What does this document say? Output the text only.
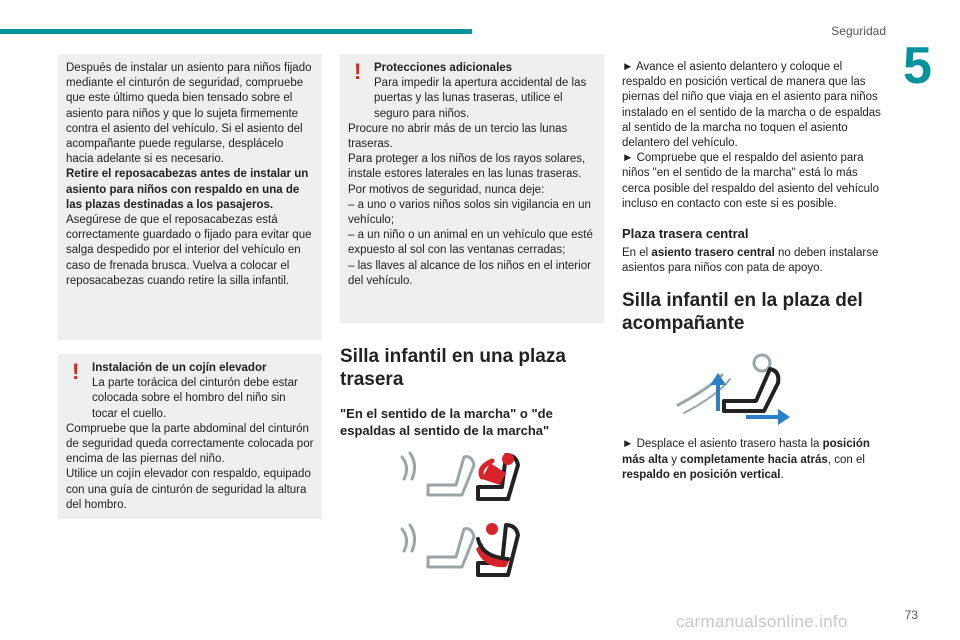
Seguridad
5

Después de instalar un asiento para niños fijado mediante el cinturón de seguridad, compruebe que este último queda bien tensado sobre el asiento para niños y que lo sujeta firmemente contra el asiento del vehículo. Si el asiento del acompañante puede regularse, desplácelo hacia adelante si es necesario.

Retire el reposacabezas antes de instalar un asiento para niños con respaldo en una de las plazas destinadas a los pasajeros.

Asegúrese de que el reposacabezas está correctamente guardado o fijado para evitar que salga despedido por el interior del vehículo en caso de frenada brusca. Vuelva a colocar el reposacabezas cuando retire la silla infantil.

!	Instalación de un cojín elevador

La parte torácica del cinturón debe estar colocada sobre el hombro del niño sin tocar el cuello.

Compruebe que la parte abdominal del cinturón de seguridad queda correctamente colocada por encima de las piernas del niño.

Utilice un cojín elevador con respaldo, equipado con una guía de cinturón de seguridad la altura del hombro.

!	Protecciones adicionales

Para impedir la apertura accidental de las puertas y las lunas traseras, utilice el seguro para niños.

Procure no abrir más de un tercio las lunas traseras.

Para proteger a los niños de los rayos solares, instale estores laterales en las lunas traseras.

Por motivos de seguridad, nunca deje:

– a uno o varios niños solos sin vigilancia en un vehículo;

– a un niño o un animal en un vehículo que esté expuesto al sol con las ventanas cerradas;

– las llaves al alcance de los niños en el interior del vehículo.

Silla infantil en una plaza trasera
"En el sentido de la marcha" o "de espaldas al sentido de la marcha"

► Avance el asiento delantero y coloque el respaldo en posición vertical de manera que las piernas del niño que viaja en el asiento para niños instalado en el sentido de la marcha o de espaldas al sentido de la marcha no toquen el asiento delantero del vehículo.

► Compruebe que el respaldo del asiento para niños "en el sentido de la marcha" está lo más cerca posible del respaldo del asiento del vehículo incluso en contacto con este si es posible.

Plaza trasera central

En el asiento trasero central no deben instalarse asientos para niños con pata de apoyo.

Silla infantil en la plaza del acompañante

► Desplace el asiento trasero hasta la posición más alta y completamente hacia atrás, con el respaldo en posición vertical.

73
carmanualsonline.info
